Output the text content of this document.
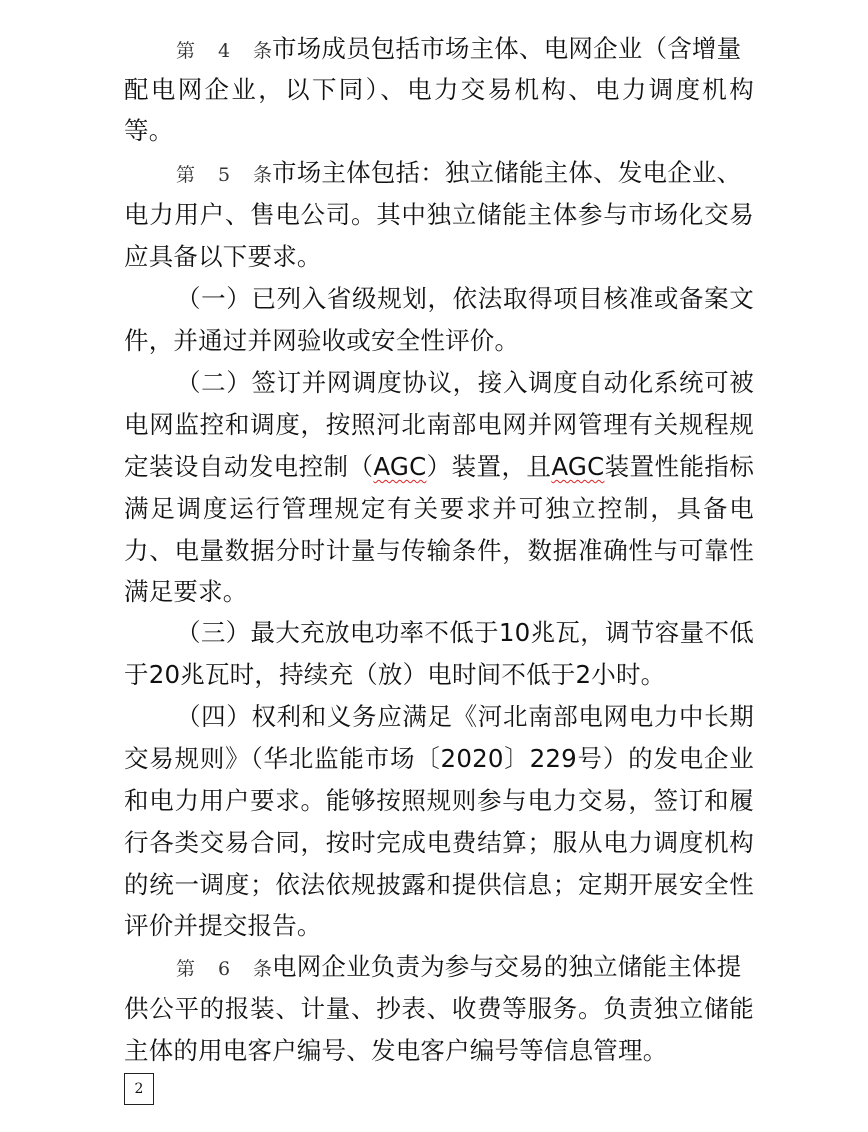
第4条市场成员包括市场主体、电网企业（含增量
配电网企业，以下同）、电力交易机构、电力调度机构
等。
第5条市场主体包括：独立储能主体、发电企业、
电力用户、售电公司。其中独立储能主体参与市场化交易
应具备以下要求。
（一）已列入省级规划，依法取得项目核准或备案文
件，并通过并网验收或安全性评价。
（二）签订并网调度协议，接入调度自动化系统可被
电网监控和调度，按照河北南部电网并网管理有关规程规
定装设自动发电控制（AGC）装置，且AGC装置性能指标
满足调度运行管理规定有关要求并可独立控制，具备电
力、电量数据分时计量与传输条件，数据准确性与可靠性
满足要求。
（三）最大充放电功率不低于10兆瓦，调节容量不低
于20兆瓦时，持续充（放）电时间不低于2小时。
（四）权利和义务应满足《河北南部电网电力中长期
交易规则》（华北监能市场〔2020〕229号）的发电企业
和电力用户要求。能够按照规则参与电力交易，签订和履
行各类交易合同，按时完成电费结算；服从电力调度机构
的统一调度；依法依规披露和提供信息；定期开展安全性
评价并提交报告。
第6条电网企业负责为参与交易的独立储能主体提
供公平的报装、计量、抄表、收费等服务。负责独立储能
主体的用电客户编号、发电客户编号等信息管理。
2
